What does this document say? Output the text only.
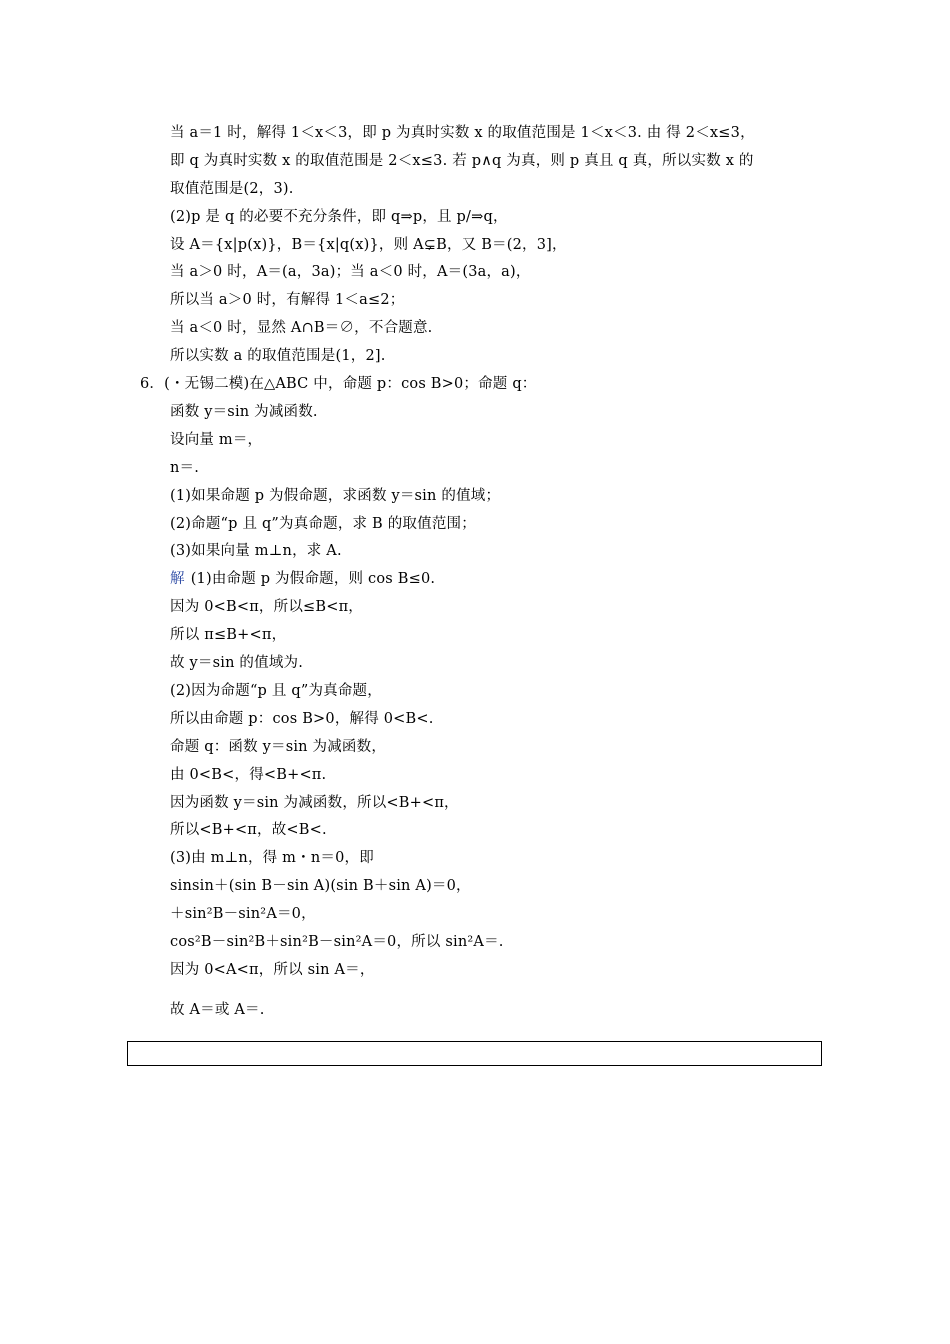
当 a＝1 时，解得 1＜x＜3，即 p 为真时实数 x 的取值范围是 1＜x＜3. 由 得 2＜x≤3，
即 q 为真时实数 x 的取值范围是 2＜x≤3. 若 p∧q 为真，则 p 真且 q 真，所以实数 x 的
取值范围是(2，3).
(2)p 是 q 的必要不充分条件，即 q⇒p，且 p/⇒q，
设 A＝{x|p(x)}，B＝{x|q(x)}，则 A⊊B，又 B＝(2，3]，
当 a＞0 时，A＝(a，3a)；当 a＜0 时，A＝(3a，a)，
所以当 a＞0 时，有解得 1＜a≤2；
当 a＜0 时，显然 A∩B＝∅，不合题意.
所以实数 a 的取值范围是(1，2].
6．(・无锡二模)在△ABC 中，命题 p：cos B>0；命题 q：
函数 y＝sin 为减函数.
设向量 m＝，
n＝.
(1)如果命题 p 为假命题，求函数 y＝sin 的值域；
(2)命题“p 且 q”为真命题，求 B 的取值范围；
(3)如果向量 m⊥n，求 A.
解 (1)由命题 p 为假命题，则 cos B≤0.
因为 0<B<π，所以≤B<π，
所以 π≤B+<π，
故 y＝sin 的值域为.
(2)因为命题“p 且 q”为真命题，
所以由命题 p：cos B>0，解得 0<B<.
命题 q：函数 y＝sin 为减函数，
由 0<B<，得<B+<π.
因为函数 y＝sin 为减函数，所以<B+<π，
所以<B+<π，故<B<.
(3)由 m⊥n，得 m・n＝0，即
sinsin＋(sin B－sin A)(sin B＋sin A)＝0，
＋sin²B－sin²A＝0，
cos²B－sin²B＋sin²B－sin²A＝0，所以 sin²A＝.
因为 0<A<π，所以 sin A＝，
故 A＝或 A＝.
